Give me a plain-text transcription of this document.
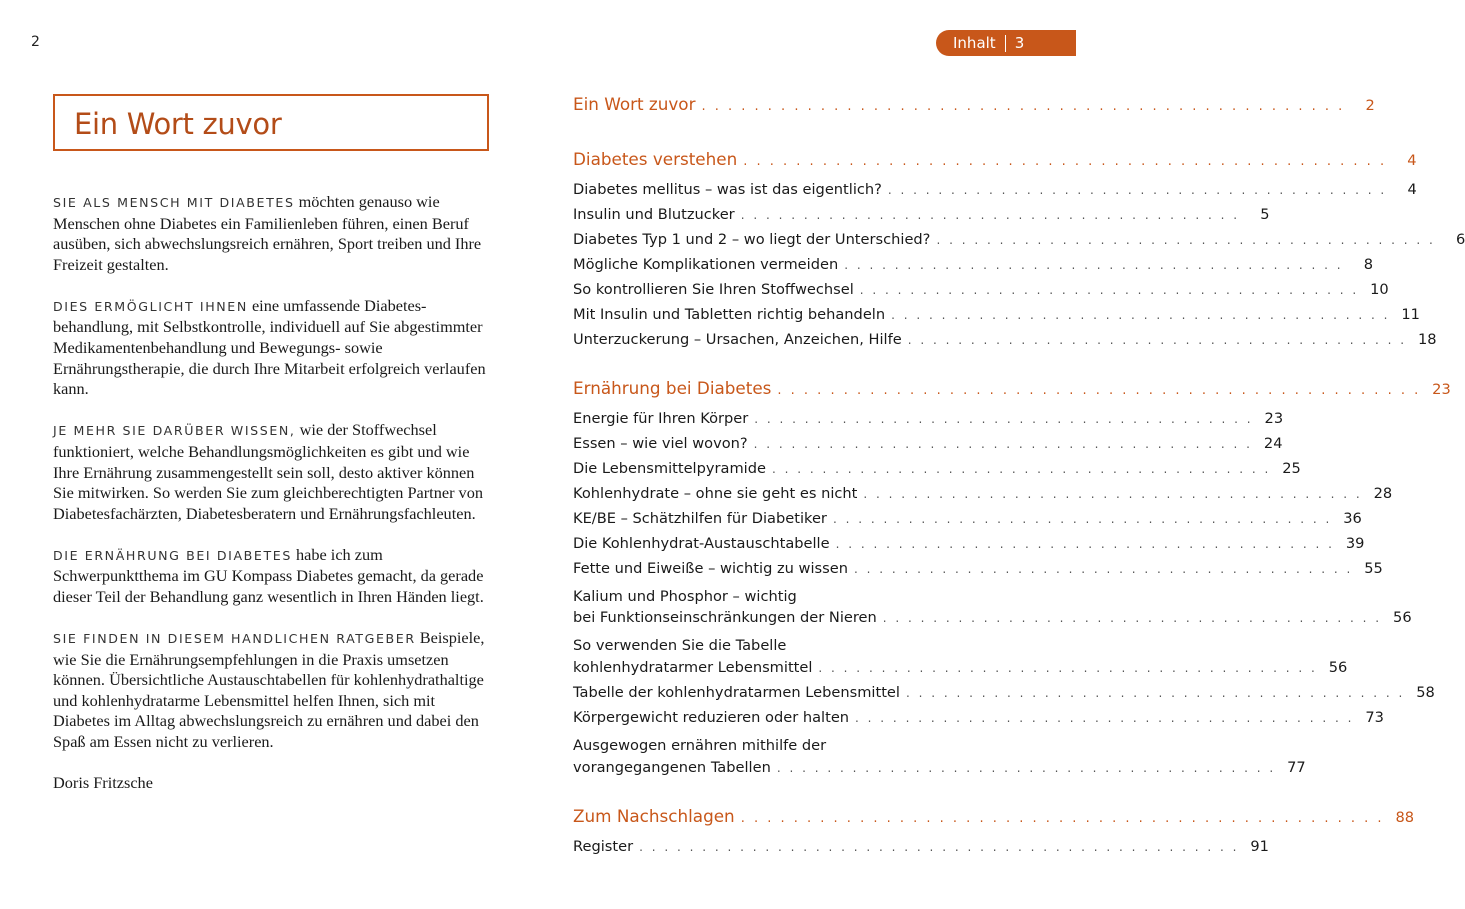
2	Inhalt	3
Ein Wort zuvor

SIE ALS MENSCH MIT DIABETES möchten genauso wie Menschen ohne Diabetes ein Familienleben führen, einen Beruf ausüben, sich abwechslungsreich ernähren, Sport treiben und Ihre Freizeit gestalten.

DIES ERMÖGLICHT IHNEN eine umfassende Diabetesbehandlung, mit Selbstkontrolle, individuell auf Sie abgestimmter Medikamentenbehandlung und Bewegungs- sowie Ernährungstherapie, die durch Ihre Mitarbeit erfolgreich verlaufen kann.

JE MEHR SIE DARÜBER WISSEN, wie der Stoffwechsel funktioniert, welche Behandlungsmöglichkeiten es gibt und wie Ihre Ernährung zusammengestellt sein soll, desto aktiver können Sie mitwirken. So werden Sie zum gleichberechtigten Partner von Diabetesfachärzten, Diabetesberatern und Ernährungsfachleuten.

DIE ERNÄHRUNG BEI DIABETES habe ich zum Schwerpunktthema im GU Kompass Diabetes gemacht, da gerade dieser Teil der Behandlung ganz wesentlich in Ihren Händen liegt.

SIE FINDEN IN DIESEM HANDLICHEN RATGEBER Beispiele, wie Sie die Ernährungsempfehlungen in die Praxis umsetzen können. Übersichtliche Austauschtabellen für kohlenhydrathaltige und kohlenhydratarme Lebensmittel helfen Ihnen, sich mit Diabetes im Alltag abwechslungsreich zu ernähren und dabei den Spaß am Essen nicht zu verlieren.

Doris Fritzsche

Ein Wort zuvor . . . . . . . . . . . . . . . . . . . . . . . . . . . . . . . . . . . . . . . . . . . . . . . . .	2
Diabetes verstehen . . . . . . . . . . . . . . . . . . . . . . . . . . . . . . . . . . . . . . . . . . . . . . . . .	4
Diabetes mellitus – was ist das eigentlich? . . . . . . . . . . . . . . . . . . . . . . . . . . . . . . . . . . . . . . . .	4
Insulin und Blutzucker . . . . . . . . . . . . . . . . . . . . . . . . . . . . . . . . . . . . . . . .	5
Diabetes Typ 1 und 2 – wo liegt der Unterschied? . . . . . . . . . . . . . . . . . . . . . . . . . . . . . . . . . . . . . . . .	6
Mögliche Komplikationen vermeiden . . . . . . . . . . . . . . . . . . . . . . . . . . . . . . . . . . . . . . . .	8
So kontrollieren Sie Ihren Stoffwechsel . . . . . . . . . . . . . . . . . . . . . . . . . . . . . . . . . . . . . . . . 10
Mit Insulin und Tabletten richtig behandeln . . . . . . . . . . . . . . . . . . . . . . . . . . . . . . . . . . . . . . . . 11
Unterzuckerung – Ursachen, Anzeichen, Hilfe . . . . . . . . . . . . . . . . . . . . . . . . . . . . . . . . . . . . . . . . 18
Ernährung bei Diabetes . . . . . . . . . . . . . . . . . . . . . . . . . . . . . . . . . . . . . . . . . . . . . . . . . 23
Energie für Ihren Körper . . . . . . . . . . . . . . . . . . . . . . . . . . . . . . . . . . . . . . . . 23
Essen – wie viel wovon? . . . . . . . . . . . . . . . . . . . . . . . . . . . . . . . . . . . . . . . . 24
Die Lebensmittelpyramide . . . . . . . . . . . . . . . . . . . . . . . . . . . . . . . . . . . . . . . . 25
Kohlenhydrate – ohne sie geht es nicht . . . . . . . . . . . . . . . . . . . . . . . . . . . . . . . . . . . . . . . . 28
KE/BE – Schätzhilfen für Diabetiker . . . . . . . . . . . . . . . . . . . . . . . . . . . . . . . . . . . . . . . . 36
Die Kohlenhydrat-Austauschtabelle . . . . . . . . . . . . . . . . . . . . . . . . . . . . . . . . . . . . . . . . 39
Fette und Eiweiße – wichtig zu wissen . . . . . . . . . . . . . . . . . . . . . . . . . . . . . . . . . . . . . . . . 55
Kalium und Phosphor – wichtig
bei Funktionseinschränkungen der Nieren . . . . . . . . . . . . . . . . . . . . . . . . . . . . . . . . . . . . . . . . 56
So verwenden Sie die Tabelle
kohlenhydratarmer Lebensmittel . . . . . . . . . . . . . . . . . . . . . . . . . . . . . . . . . . . . . . . . 56
Tabelle der kohlenhydratarmen Lebensmittel . . . . . . . . . . . . . . . . . . . . . . . . . . . . . . . . . . . . . . . . 58
Körpergewicht reduzieren oder halten . . . . . . . . . . . . . . . . . . . . . . . . . . . . . . . . . . . . . . . . 73
Ausgewogen ernähren mithilfe der
vorangegangenen Tabellen . . . . . . . . . . . . . . . . . . . . . . . . . . . . . . . . . . . . . . . . 77
Zum Nachschlagen . . . . . . . . . . . . . . . . . . . . . . . . . . . . . . . . . . . . . . . . . . . . . . . . . 88
Register . . . . . . . . . . . . . . . . . . . . . . . . . . . . . . . . . . . . . . . . . . . . . . . . 91
